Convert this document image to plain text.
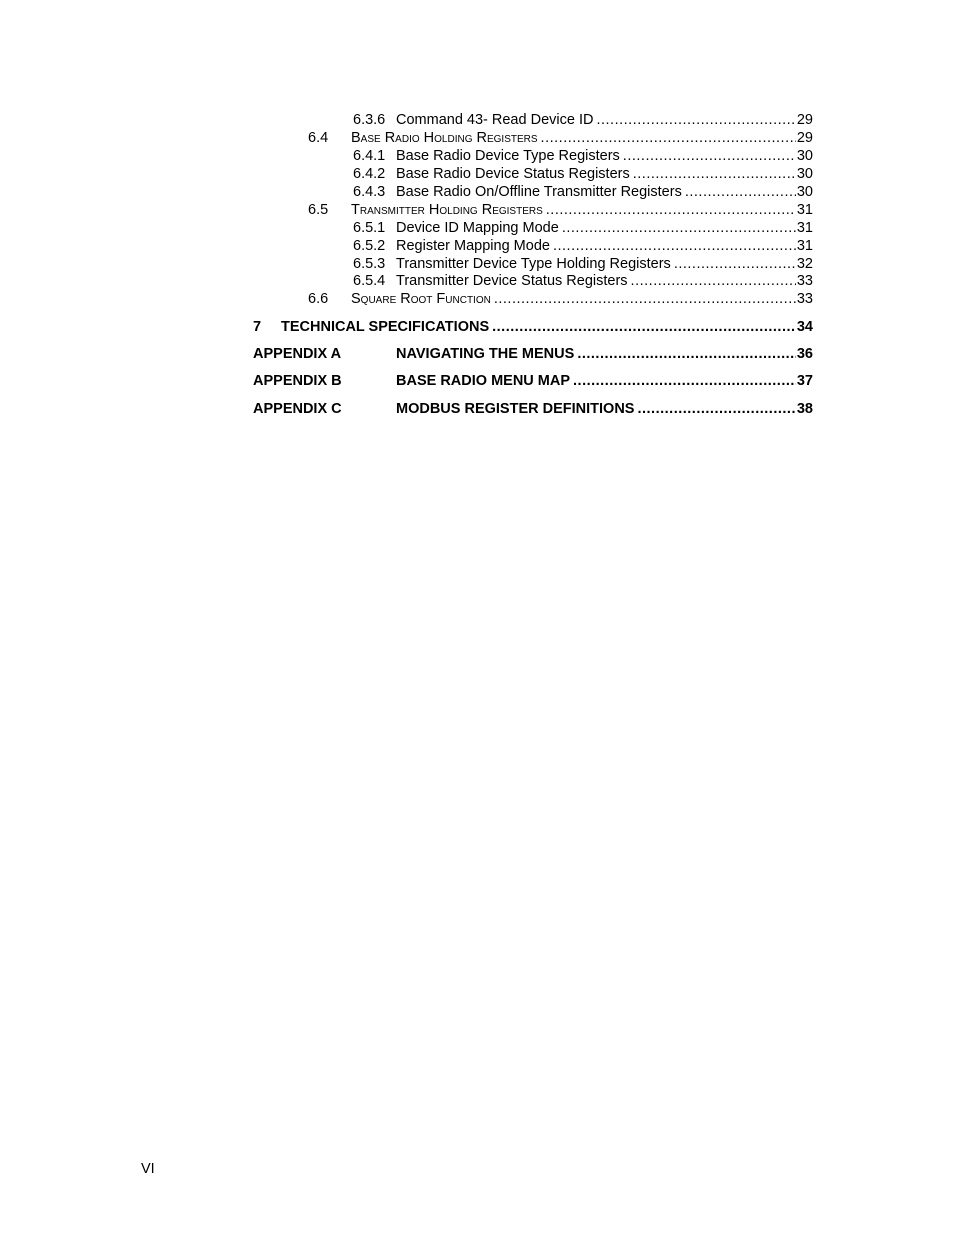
6.3.6 Command 43- Read Device ID .....	29
6.4	Base Radio Holding Registers .....	29
6.4.1 Base Radio Device Type Registers .....	30
6.4.2 Base Radio Device Status Registers .....	30
6.4.3 Base Radio On/Offline Transmitter Registers .....	30
6.5	Transmitter Holding Registers .....	31
6.5.1 Device ID Mapping Mode .....	31
6.5.2 Register Mapping Mode .....	31
6.5.3 Transmitter Device Type Holding Registers .....	32
6.5.4 Transmitter Device Status Registers .....	33
6.6	Square Root Function .....	33
7	TECHNICAL SPECIFICATIONS .....	34
APPENDIX A	NAVIGATING THE MENUS .....	36
APPENDIX B	BASE RADIO MENU MAP .....	37
APPENDIX C	MODBUS REGISTER DEFINITIONS .....	38
VI
